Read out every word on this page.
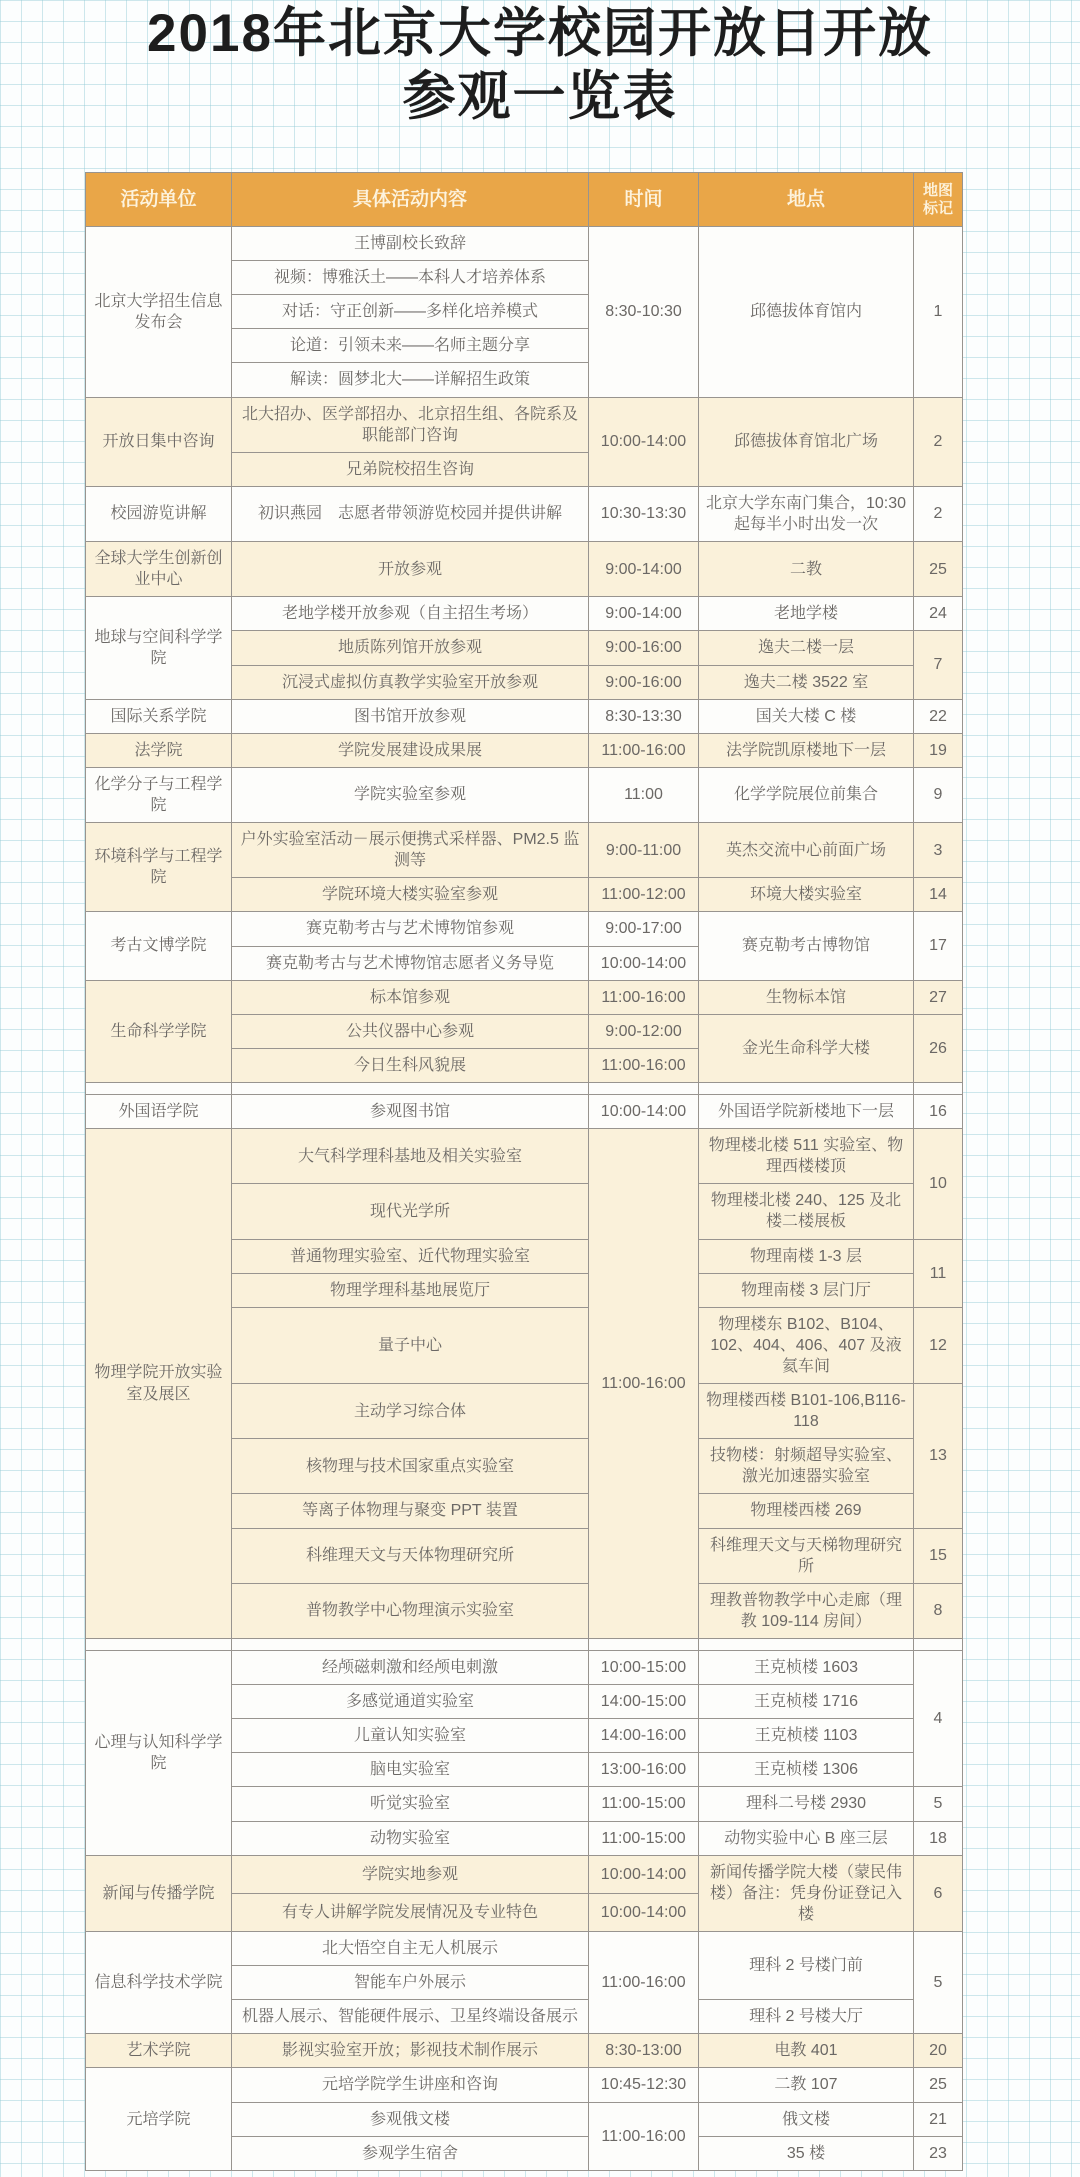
2018年北京大学校园开放日开放
参观一览表
活动单位	具体活动内容	时间	地点	地图标记
北京大学招生信息发布会	王博副校长致辞	8:30-10:30	邱德拔体育馆内	1
	视频：博雅沃土——本科人才培养体系			
	对话：守正创新——多样化培养模式			
	论道：引领未来——名师主题分享			
	解读：圆梦北大——详解招生政策			
开放日集中咨询	北大招办、医学部招办、北京招生组、各院系及职能部门咨询	10:00-14:00	邱德拔体育馆北广场	2
	兄弟院校招生咨询			
校园游览讲解	初识燕园　志愿者带领游览校园并提供讲解	10:30-13:30	北京大学东南门集合，10:30 起每半小时出发一次	2
全球大学生创新创业中心	开放参观	9:00-14:00	二教	25
地球与空间科学学院	老地学楼开放参观（自主招生考场）	9:00-14:00	老地学楼	24
	地质陈列馆开放参观	9:00-16:00	逸夫二楼一层	7
	沉浸式虚拟仿真教学实验室开放参观	9:00-16:00	逸夫二楼 3522 室	
国际关系学院	图书馆开放参观	8:30-13:30	国关大楼 C 楼	22
法学院	学院发展建设成果展	11:00-16:00	法学院凯原楼地下一层	19
化学分子与工程学院	学院实验室参观	11:00	化学学院展位前集合	9
环境科学与工程学院	户外实验室活动－展示便携式采样器、PM2.5 监测等	9:00-11:00	英杰交流中心前面广场	3
	学院环境大楼实验室参观	11:00-12:00	环境大楼实验室	14
考古文博学院	赛克勒考古与艺术博物馆参观	9:00-17:00	赛克勒考古博物馆	17
	赛克勒考古与艺术博物馆志愿者义务导览	10:00-14:00		
生命科学学院	标本馆参观	11:00-16:00	生物标本馆	27
	公共仪器中心参观	9:00-12:00	金光生命科学大楼	26
	今日生科风貌展	11:00-16:00		

外国语学院	参观图书馆	10:00-14:00	外国语学院新楼地下一层	16
物理学院开放实验室及展区	大气科学理科基地及相关实验室	11:00-16:00	物理楼北楼 511 实验室、物理西楼楼顶	10
	现代光学所		物理楼北楼 240、125 及北楼二楼展板	
	普通物理实验室、近代物理实验室		物理南楼 1-3 层	11
	物理学理科基地展览厅		物理南楼 3 层门厅	
	量子中心		物理楼东 B102、B104、102、404、406、407 及液氦车间	12
	主动学习综合体		物理楼西楼 B101-106,B116-118	13
	核物理与技术国家重点实验室		技物楼：射频超导实验室、激光加速器实验室	
	等离子体物理与聚变 PPT 装置		物理楼西楼 269	
	科维理天文与天体物理研究所		科维理天文与天梯物理研究所	15
	普物教学中心物理演示实验室		理教普物教学中心走廊（理教 109-114 房间）	8

心理与认知科学学院	经颅磁刺激和经颅电刺激	10:00-15:00	王克桢楼 1603	4
	多感觉通道实验室	14:00-15:00	王克桢楼 1716	
	儿童认知实验室	14:00-16:00	王克桢楼 1103	
	脑电实验室	13:00-16:00	王克桢楼 1306	
	听觉实验室	11:00-15:00	理科二号楼 2930	5
	动物实验室	11:00-15:00	动物实验中心 B 座三层	18
新闻与传播学院	学院实地参观	10:00-14:00	新闻传播学院大楼（蒙民伟楼）备注：凭身份证登记入楼	6
	有专人讲解学院发展情况及专业特色	10:00-14:00		
信息科学技术学院	北大悟空自主无人机展示	11:00-16:00	理科 2 号楼门前	5
	智能车户外展示			
	机器人展示、智能硬件展示、卫星终端设备展示		理科 2 号楼大厅	
艺术学院	影视实验室开放；影视技术制作展示	8:30-13:00	电教 401	20
元培学院	元培学院学生讲座和咨询	10:45-12:30	二教 107	25
	参观俄文楼	11:00-16:00	俄文楼	21
	参观学生宿舍		35 楼	23
